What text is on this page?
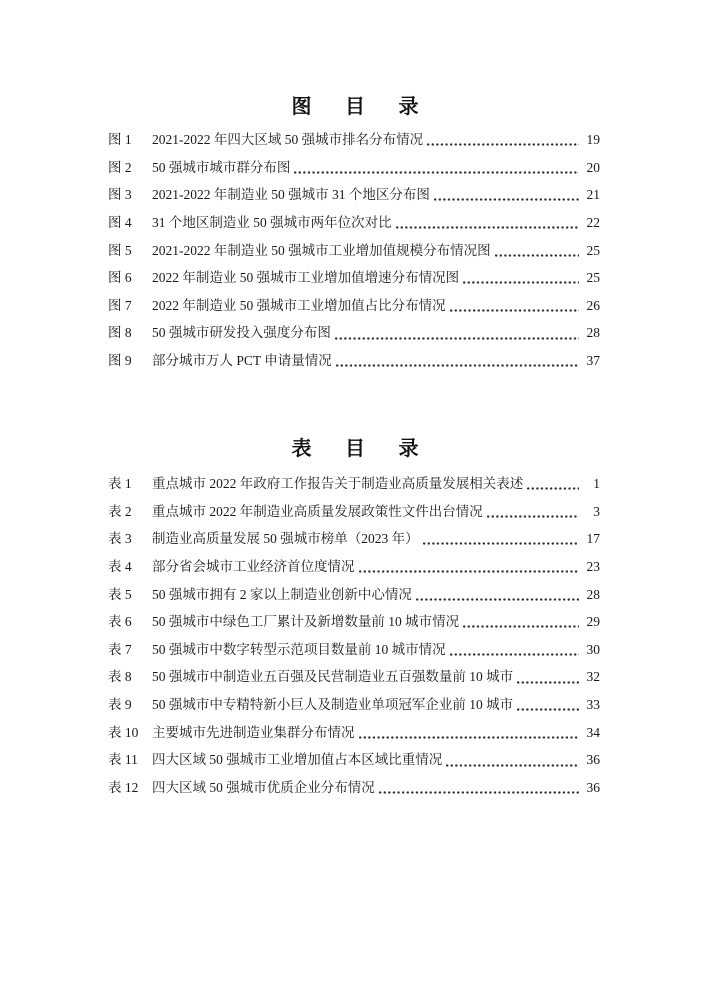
图 目 录
图 1	2021-2022 年四大区域 50 强城市排名分布情况	19
图 2	50 强城市城市群分布图	20
图 3	2021-2022 年制造业 50 强城市 31 个地区分布图	21
图 4	31 个地区制造业 50 强城市两年位次对比	22
图 5	2021-2022 年制造业 50 强城市工业增加值规模分布情况图	25
图 6	2022 年制造业 50 强城市工业增加值增速分布情况图	25
图 7	2022 年制造业 50 强城市工业增加值占比分布情况	26
图 8	50 强城市研发投入强度分布图	28
图 9	部分城市万人 PCT 申请量情况	37
表 目 录
表 1	重点城市 2022 年政府工作报告关于制造业高质量发展相关表述	1
表 2	重点城市 2022 年制造业高质量发展政策性文件出台情况	3
表 3	制造业高质量发展 50 强城市榜单（2023 年）	17
表 4	部分省会城市工业经济首位度情况	23
表 5	50 强城市拥有 2 家以上制造业创新中心情况	28
表 6	50 强城市中绿色工厂累计及新增数量前 10 城市情况	29
表 7	50 强城市中数字转型示范项目数量前 10 城市情况	30
表 8	50 强城市中制造业五百强及民营制造业五百强数量前 10 城市	32
表 9	50 强城市中专精特新小巨人及制造业单项冠军企业前 10 城市	33
表 10	主要城市先进制造业集群分布情况	34
表 11	四大区域 50 强城市工业增加值占本区域比重情况	36
表 12	四大区域 50 强城市优质企业分布情况	36
